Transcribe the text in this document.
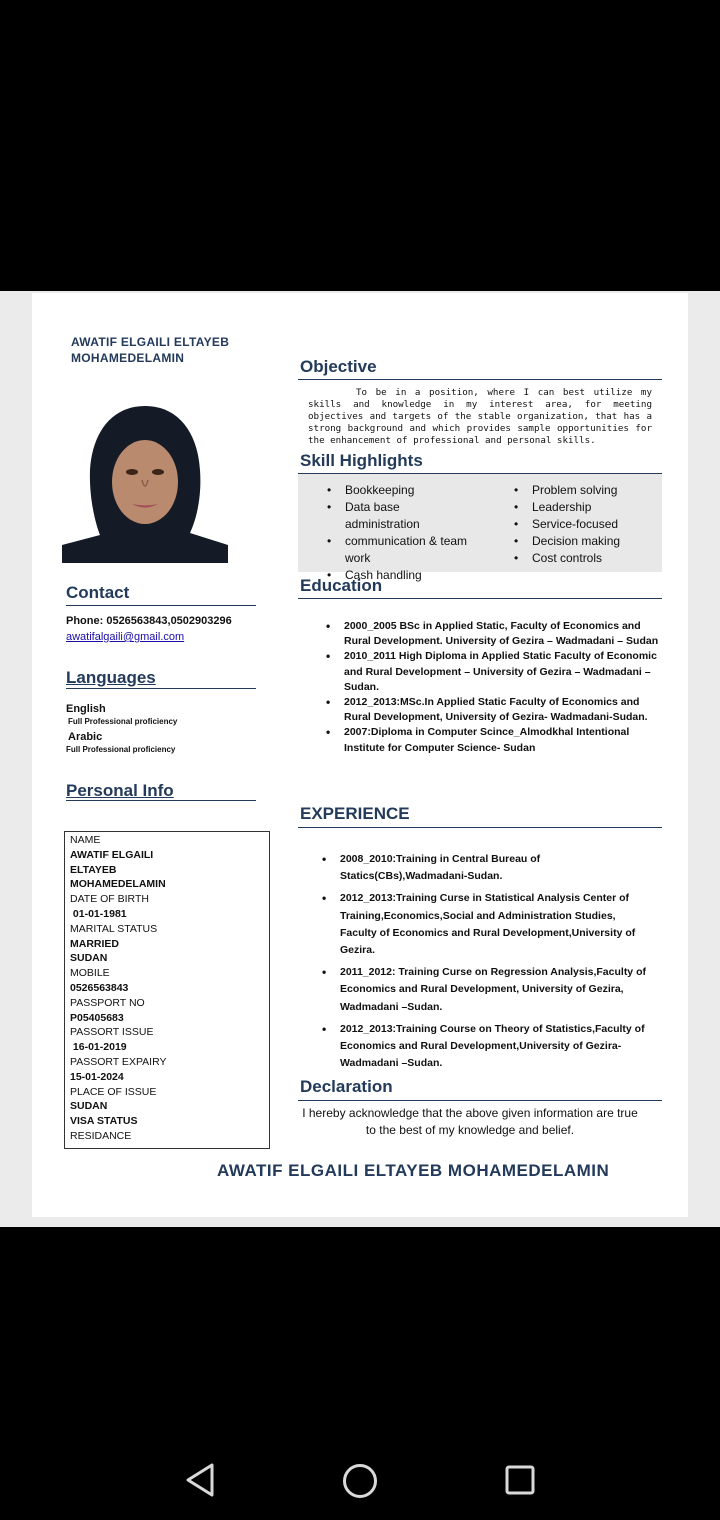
AWATIF ELGAILI ELTAYEB
MOHAMEDELAMIN
Contact
Phone: 0526563843,0502903296
awatifalgaili@gmail.com
Languages
English
Full Professional proficiency
Arabic
Full Professional proficiency
Personal Info
NAME
AWATIF ELGAILI
ELTAYEB
MOHAMEDELAMIN
DATE OF BIRTH
01-01-1981
MARITAL STATUS
MARRIED
SUDAN
MOBILE
0526563843
PASSPORT NO
P05405683
PASSORT ISSUE
16-01-2019
PASSORT EXPAIRY
15-01-2024
PLACE OF ISSUE
SUDAN
VISA STATUS
RESIDANCE
Objective
To be in a position, where I can best utilize my skills and knowledge in my interest area, for meeting objectives and targets of the stable organization, that has a strong background and which provides sample opportunities for the enhancement of professional and personal skills.
Skill Highlights
• Bookkeeping
• Data base administration
• communication & team work
• Cash handling
• Problem solving
• Leadership
• Service-focused
• Decision making
• Cost controls
Education
• 2000_2005 BSc in Applied Static, Faculty of Economics and Rural Development. University of Gezira – Wadmadani – Sudan
• 2010_2011 High Diploma in Applied Static Faculty of Economic and Rural Development – University of Gezira – Wadmadani –Sudan.
• 2012_2013:MSc.In Applied Static Faculty of Economics and Rural Development, University of Gezira- Wadmadani-Sudan.
• 2007:Diploma in Computer Scince_Almodkhal Intentional Institute for Computer Science- Sudan
EXPERIENCE
• 2008_2010:Training in Central Bureau of Statics(CBs),Wadmadani-Sudan.
• 2012_2013:Training Curse in Statistical Analysis Center of Training,Economics,Social and Administration Studies, Faculty of Economics and Rural Development,University of Gezira.
• 2011_2012: Training Curse on Regression Analysis,Faculty of Economics and Rural Development, University of Gezira, Wadmadani –Sudan.
• 2012_2013:Training Course on Theory of Statistics,Faculty of Economics and Rural Development,University of Gezira-Wadmadani –Sudan.
Declaration
I hereby acknowledge that the above given information are true to the best of my knowledge and belief.
AWATIF ELGAILI ELTAYEB MOHAMEDELAMIN
